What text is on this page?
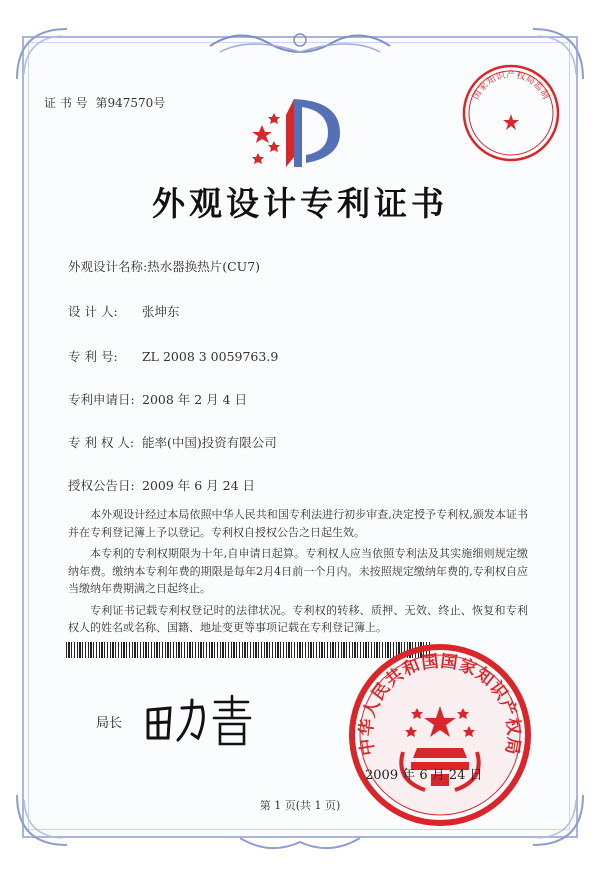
证 书 号 第947570号
外观设计专利证书
外观设计名称:热水器换热片(CU7)
设 计 人: 张坤东
专 利 号: ZL 2008 3 0059763.9
专利申请日: 2008 年 2 月 4 日
专 利 权 人: 能率(中国)投资有限公司
授权公告日: 2009 年 6 月 24 日

本外观设计经过本局依照中华人民共和国专利法进行初步审查,决定授予专利权,颁发本证书并在专利登记簿上予以登记。专利权自授权公告之日起生效。

本专利的专利权期限为十年,自申请日起算。专利权人应当依照专利法及其实施细则规定缴纳年费。缴纳本专利年费的期限是每年2月4日前一个月内。未按照规定缴纳年费的,专利权自应当缴纳年费期满之日起终止。

专利证书记载专利权登记时的法律状况。专利权的转移、质押、无效、终止、恢复和专利权人的姓名或名称、国籍、地址变更等事项记载在专利登记簿上。

局长
中华人民共和国国家知识产权局
2009 年 6 月 24 日
国家知识产权局监制
第 1 页(共 1 页)
